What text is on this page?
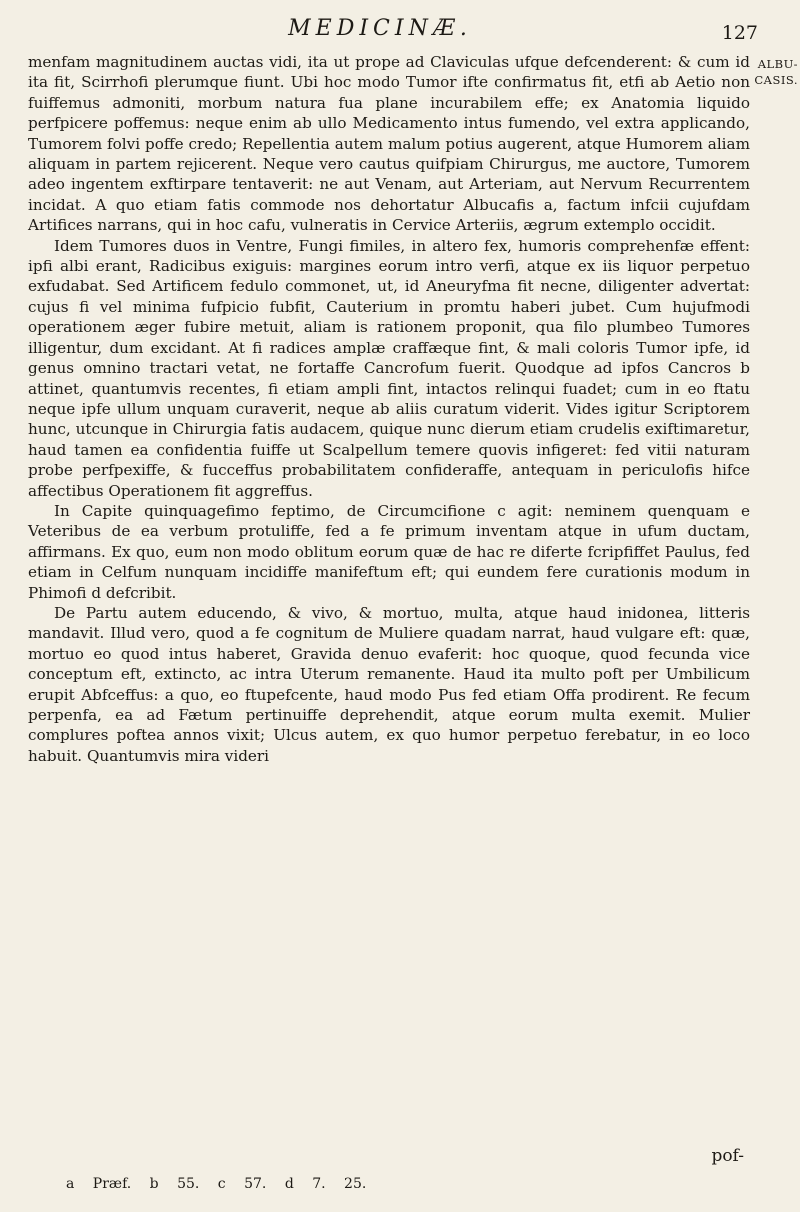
MEDICINÆ.	127
ALBU-
CASIS.

menfam magnitudinem auctas vidi, ita ut prope ad Claviculas ufque defcenderent: & cum id ita fit, Scirrhofi plerumque fiunt. Ubi hoc modo Tumor ifte confirmatus fit, etfi ab Aetio non fuiffemus admoniti, morbum natura fua plane incurabilem effe; ex Anatomia liquido perfpicere poffemus: neque enim ab ullo Medicamento intus fumendo, vel extra applicando, Tumorem folvi poffe credo; Repellentia autem malum potius augerent, atque Humorem aliam aliquam in partem rejicerent. Neque vero cautus quifpiam Chirurgus, me auctore, Tumorem adeo ingentem exftirpare tentaverit: ne aut Venam, aut Arteriam, aut Nervum Recurrentem incidat. A quo etiam fatis commode nos dehortatur Albucafis a, factum infcii cujufdam Artifices narrans, qui in hoc cafu, vulneratis in Cervice Arteriis, ægrum extemplo occidit.

Idem Tumores duos in Ventre, Fungi fimiles, in altero fex, humoris comprehenfæ effent: ipfi albi erant, Radicibus exiguis: margines eorum intro verfi, atque ex iis liquor perpetuo exfudabat. Sed Artificem fedulo commonet, ut, id Aneuryfma fit necne, diligenter advertat: cujus fi vel minima fufpicio fubfit, Cauterium in promtu haberi jubet. Cum hujufmodi operationem æger fubire metuit, aliam is rationem proponit, qua filo plumbeo Tumores illigentur, dum excidant. At fi radices amplæ craffæque fint, & mali coloris Tumor ipfe, id genus omnino tractari vetat, ne fortaffe Cancrofum fuerit. Quodque ad ipfos Cancros b attinet, quantumvis recentes, fi etiam ampli fint, intactos relinqui fuadet; cum in eo ftatu neque ipfe ullum unquam curaverit, neque ab aliis curatum viderit. Vides igitur Scriptorem hunc, utcunque in Chirurgia fatis audacem, quique nunc dierum etiam crudelis exiftimaretur, haud tamen ea confidentia fuiffe ut Scalpellum temere quovis infigeret: fed vitii naturam probe perfpexiffe, & fucceffus probabilitatem confideraffe, antequam in periculofis hifce affectibus Operationem fit aggreffus.

In Capite quinquagefimo feptimo, de Circumcifione c agit: neminem quenquam e Veteribus de ea verbum protuliffe, fed a fe primum inventam atque in ufum ductam, affirmans. Ex quo, eum non modo oblitum eorum quæ de hac re diferte fcripfiffet Paulus, fed etiam in Celfum nunquam incidiffe manifeftum eft; qui eundem fere curationis modum in Phimofi d defcribit.

De Partu autem educendo, & vivo, & mortuo, multa, atque haud inidonea, litteris mandavit. Illud vero, quod a fe cognitum de Muliere quadam narrat, haud vulgare eft: quæ, mortuo eo quod intus haberet, Gravida denuo evaferit: hoc quoque, quod fecunda vice conceptum eft, extincto, ac intra Uterum remanente. Haud ita multo poft per Umbilicum erupit Abfceffus: a quo, eo ftupefcente, haud modo Pus fed etiam Offa prodirent. Re fecum perpenfa, ea ad Fætum pertinuiffe deprehendit, atque eorum multa exemit. Mulier complures poftea annos vixit; Ulcus autem, ex quo humor perpetuo ferebatur, in eo loco habuit. Quantumvis mira videri

pof-
a Præf. b 55. c 57. d 7. 25.
